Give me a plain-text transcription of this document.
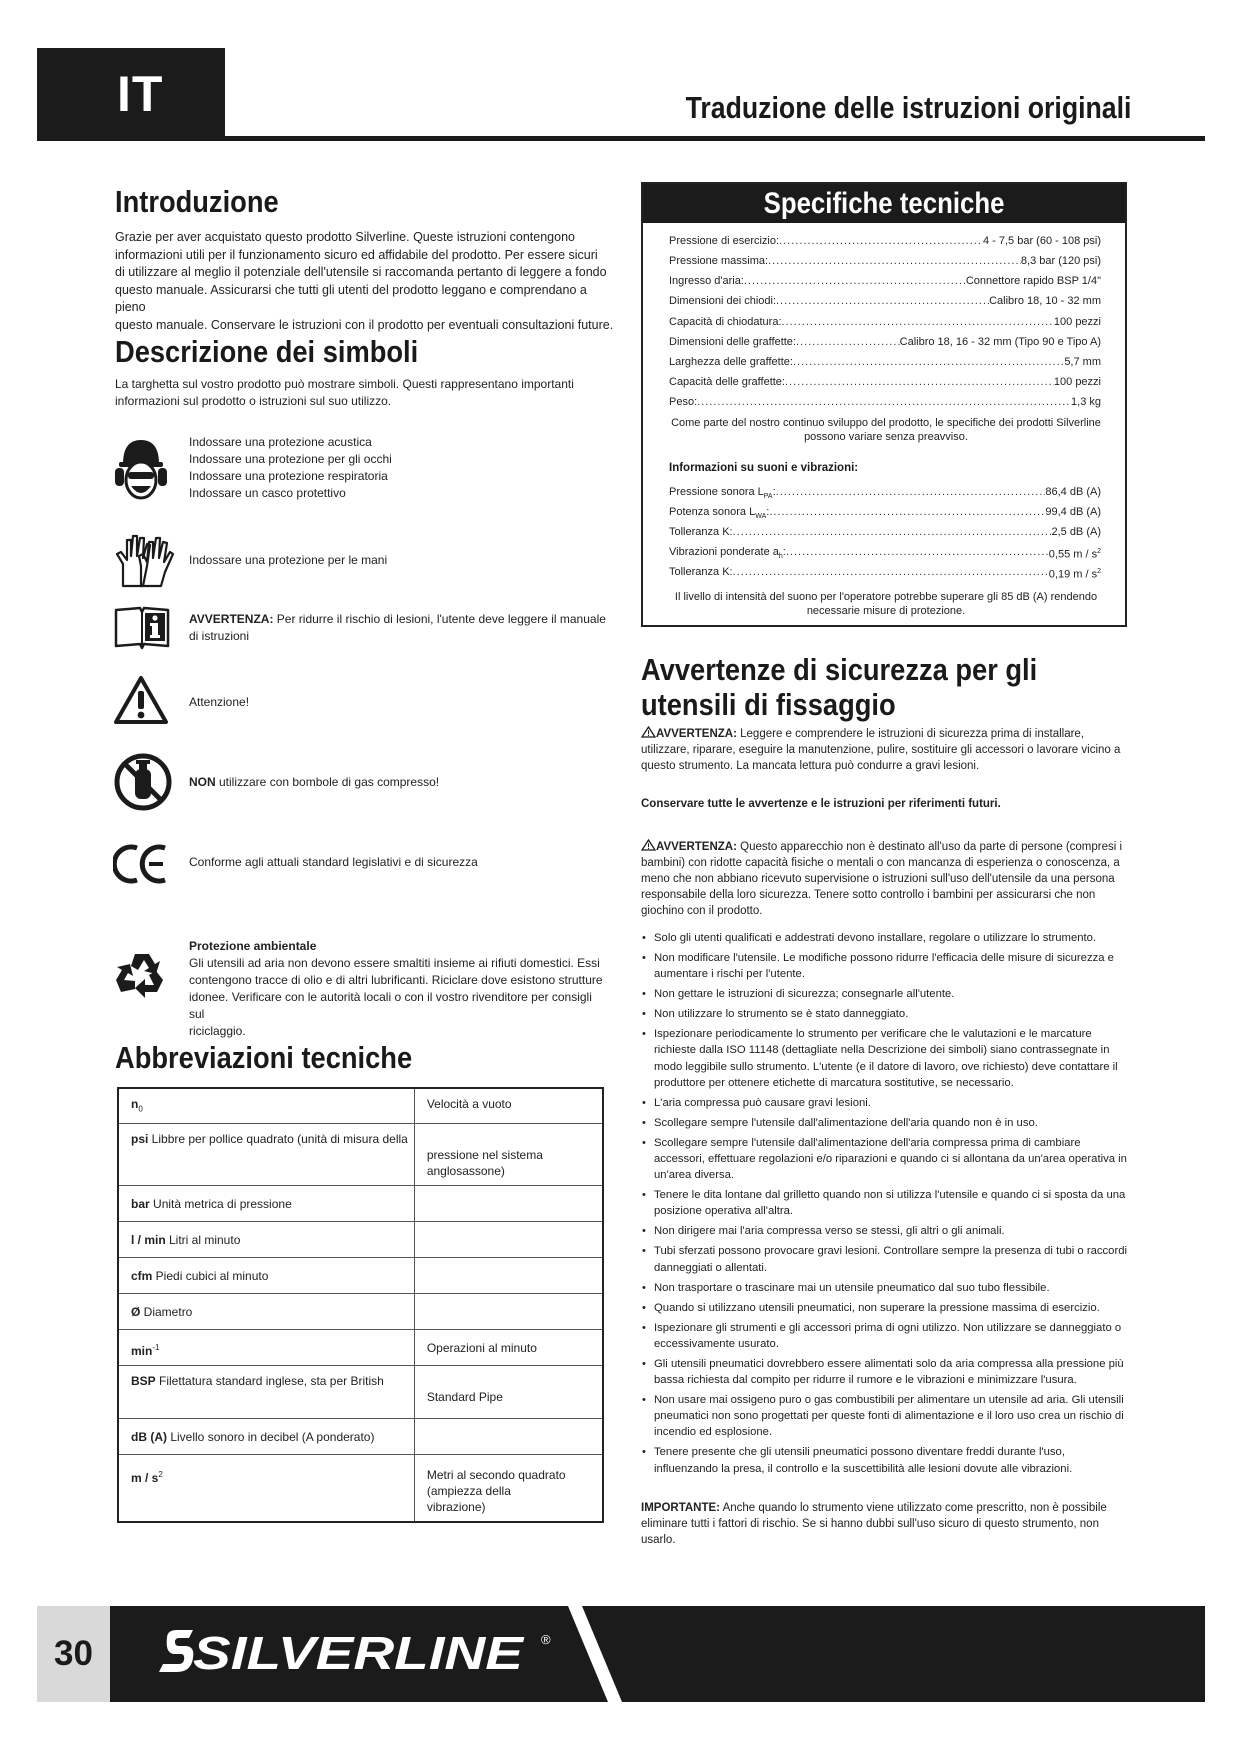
IT	Traduzione delle istruzioni originali
Introduzione
Grazie per aver acquistato questo prodotto Silverline. Queste istruzioni contengono
informazioni utili per il funzionamento sicuro ed affidabile del prodotto. Per essere sicuri
di utilizzare al meglio il potenziale dell'utensile si raccomanda pertanto di leggere a fondo
questo manuale. Assicurarsi che tutti gli utenti del prodotto leggano e comprendano a pieno
questo manuale. Conservare le istruzioni con il prodotto per eventuali consultazioni future.
Descrizione dei simboli
La targhetta sul vostro prodotto può mostrare simboli. Questi rappresentano importanti
informazioni sul prodotto o istruzioni sul suo utilizzo.
Indossare una protezione acustica
Indossare una protezione per gli occhi
Indossare una protezione respiratoria
Indossare un casco protettivo
Indossare una protezione per le mani
AVVERTENZA: Per ridurre il rischio di lesioni, l'utente deve leggere il manuale
di istruzioni
Attenzione!
NON utilizzare con bombole di gas compresso!
Conforme agli attuali standard legislativi e di sicurezza
Protezione ambientale
Gli utensili ad aria non devono essere smaltiti insieme ai rifiuti domestici. Essi
contengono tracce di olio e di altri lubrificanti. Riciclare dove esistono strutture
idonee. Verificare con le autorità locali o con il vostro rivenditore per consigli sul
riciclaggio.
Abbreviazioni tecniche
$n_0$	Velocità a vuoto
psi Libbre per pollice quadrato (unità di misura della	pressione nel sistema anglosassone)
bar Unità metrica di pressione	
l / min Litri al minuto	
cfm Piedi cubici al minuto	
Ø Diametro	
$\min^{-1}$	Operazioni al minuto
BSP Filettatura standard inglese, sta per British	Standard Pipe
dB (A) Livello sonoro in decibel (A ponderato)	
m / $s^2$	Metri al secondo quadrato (ampiezza della
vibrazione)
Specifiche tecniche
Pressione di esercizio: .....	4 - 7,5 bar (60 - 108 psi)
Pressione massima: .....	8,3 bar (120 psi)
Ingresso d'aria: .....	Connettore rapido BSP 1/4"
Dimensioni dei chiodi: .....	Calibro 18, 10 - 32 mm
Capacità di chiodatura: .....	100 pezzi
Dimensioni delle graffette: .....	Calibro 18, 16 - 32 mm (Tipo 90 e Tipo A)
Larghezza delle graffette: .....	5,7 mm
Capacità delle graffette: .....	100 pezzi
Peso: .....	1,3 kg
Come parte del nostro continuo sviluppo del prodotto, le specifiche dei prodotti Silverline
possono variare senza preavviso.
Informazioni su suoni e vibrazioni:
Pressione sonora $L_{PA}$: .....	86,4 dB (A)
Potenza sonora $L_{WA}$: .....	99,4 dB (A)
Tolleranza K: .....	2,5 dB (A)
Vibrazioni ponderate $a_h$: .....	0,55 m / $s^2$
Tolleranza K: .....	0,19 m / $s^2$
Il livello di intensità del suono per l'operatore potrebbe superare gli 85 dB (A) rendendo
necessarie misure di protezione.
Avvertenze di sicurezza per gli
utensili di fissaggio
AVVERTENZA: Leggere e comprendere le istruzioni di sicurezza prima di installare, utilizzare, riparare, eseguire la manutenzione, pulire, sostituire gli accessori o lavorare vicino a questo strumento. La mancata lettura può condurre a gravi lesioni.
Conservare tutte le avvertenze e le istruzioni per riferimenti futuri.
AVVERTENZA: Questo apparecchio non è destinato all'uso da parte di persone (compresi i bambini) con ridotte capacità fisiche o mentali o con mancanza di esperienza o conoscenza, a meno che non abbiano ricevuto supervisione o istruzioni sull'uso dell'utensile da una persona responsabile della loro sicurezza. Tenere sotto controllo i bambini per assicurarsi che non giochino con il prodotto.
• Solo gli utenti qualificati e addestrati devono installare, regolare o utilizzare lo strumento.
• Non modificare l'utensile. Le modifiche possono ridurre l'efficacia delle misure di sicurezza e aumentare i rischi per l'utente.
• Non gettare le istruzioni di sicurezza; consegnarle all'utente.
• Non utilizzare lo strumento se è stato danneggiato.
• Ispezionare periodicamente lo strumento per verificare che le valutazioni e le marcature richieste dalla ISO 11148 (dettagliate nella Descrizione dei simboli) siano contrassegnate in modo leggibile sullo strumento. L'utente (e il datore di lavoro, ove richiesto) deve contattare il produttore per ottenere etichette di marcatura sostitutive, se necessario.
• L'aria compressa può causare gravi lesioni.
• Scollegare sempre l'utensile dall'alimentazione dell'aria quando non è in uso.
• Scollegare sempre l'utensile dall'alimentazione dell'aria compressa prima di cambiare accessori, effettuare regolazioni e/o riparazioni e quando ci si allontana da un'area operativa in un'area diversa.
• Tenere le dita lontane dal grilletto quando non si utilizza l'utensile e quando ci si sposta da una posizione operativa all'altra.
• Non dirigere mai l'aria compressa verso se stessi, gli altri o gli animali.
• Tubi sferzati possono provocare gravi lesioni. Controllare sempre la presenza di tubi o raccordi danneggiati o allentati.
• Non trasportare o trascinare mai un utensile pneumatico dal suo tubo flessibile.
• Quando si utilizzano utensili pneumatici, non superare la pressione massima di esercizio.
• Ispezionare gli strumenti e gli accessori prima di ogni utilizzo. Non utilizzare se danneggiato o eccessivamente usurato.
• Gli utensili pneumatici dovrebbero essere alimentati solo da aria compressa alla pressione più bassa richiesta dal compito per ridurre il rumore e le vibrazioni e minimizzare l'usura.
• Non usare mai ossigeno puro o gas combustibili per alimentare un utensile ad aria. Gli utensili pneumatici non sono progettati per queste fonti di alimentazione e il loro uso crea un rischio di incendio ed esplosione.
• Tenere presente che gli utensili pneumatici possono diventare freddi durante l'uso, influenzando la presa, il controllo e la suscettibilità alle lesioni dovute alle vibrazioni.
IMPORTANTE: Anche quando lo strumento viene utilizzato come prescritto, non è possibile eliminare tutti i fattori di rischio. Se si hanno dubbi sull'uso sicuro di questo strumento, non usarlo.
30	SILVERLINE ®
